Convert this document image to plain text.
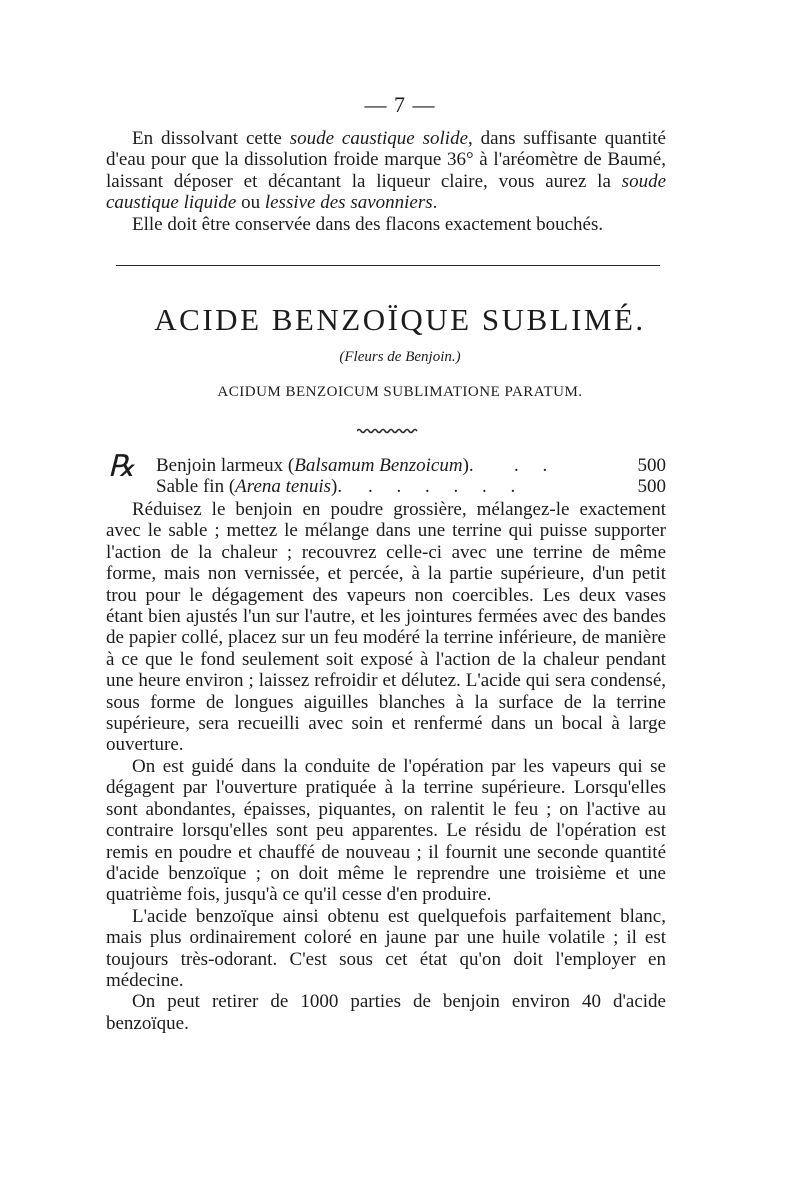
— 7 —

En dissolvant cette soude caustique solide, dans suffisante quantité d'eau pour que la dissolution froide marque 36° à l'aréomètre de Baumé, laissant déposer et décantant la liqueur claire, vous aurez la soude caustique liquide ou lessive des savonniers.

Elle doit être conservée dans des flacons exactement bouchés.

ACIDE BENZOÏQUE SUBLIMÉ.
(Fleurs de Benjoin.)
ACIDUM BENZOICUM SUBLIMATIONE PARATUM.
℞ Benjoin larmeux (Balsamum Benzoicum). .     .	500
Sable fin (Arena tenuis). .     .     .     .     .     .	500

Réduisez le benjoin en poudre grossière, mélangez-le exactement avec le sable ; mettez le mélange dans une terrine qui puisse supporter l'action de la chaleur ; recouvrez celle-ci avec une terrine de même forme, mais non vernissée, et percée, à la partie supérieure, d'un petit trou pour le dégagement des vapeurs non coercibles. Les deux vases étant bien ajustés l'un sur l'autre, et les jointures fermées avec des bandes de papier collé, placez sur un feu modéré la terrine inférieure, de manière à ce que le fond seulement soit exposé à l'action de la chaleur pendant une heure environ ; laissez refroidir et délutez. L'acide qui sera condensé, sous forme de longues aiguilles blanches à la surface de la terrine supérieure, sera recueilli avec soin et renfermé dans un bocal à large ouverture.

On est guidé dans la conduite de l'opération par les vapeurs qui se dégagent par l'ouverture pratiquée à la terrine supérieure. Lorsqu'elles sont abondantes, épaisses, piquantes, on ralentit le feu ; on l'active au contraire lorsqu'elles sont peu apparentes. Le résidu de l'opération est remis en poudre et chauffé de nouveau ; il fournit une seconde quantité d'acide benzoïque ; on doit même le reprendre une troisième et une quatrième fois, jusqu'à ce qu'il cesse d'en produire.

L'acide benzoïque ainsi obtenu est quelquefois parfaitement blanc, mais plus ordinairement coloré en jaune par une huile volatile ; il est toujours très-odorant. C'est sous cet état qu'on doit l'employer en médecine.

On peut retirer de 1000 parties de benjoin environ 40 d'acide benzoïque.
